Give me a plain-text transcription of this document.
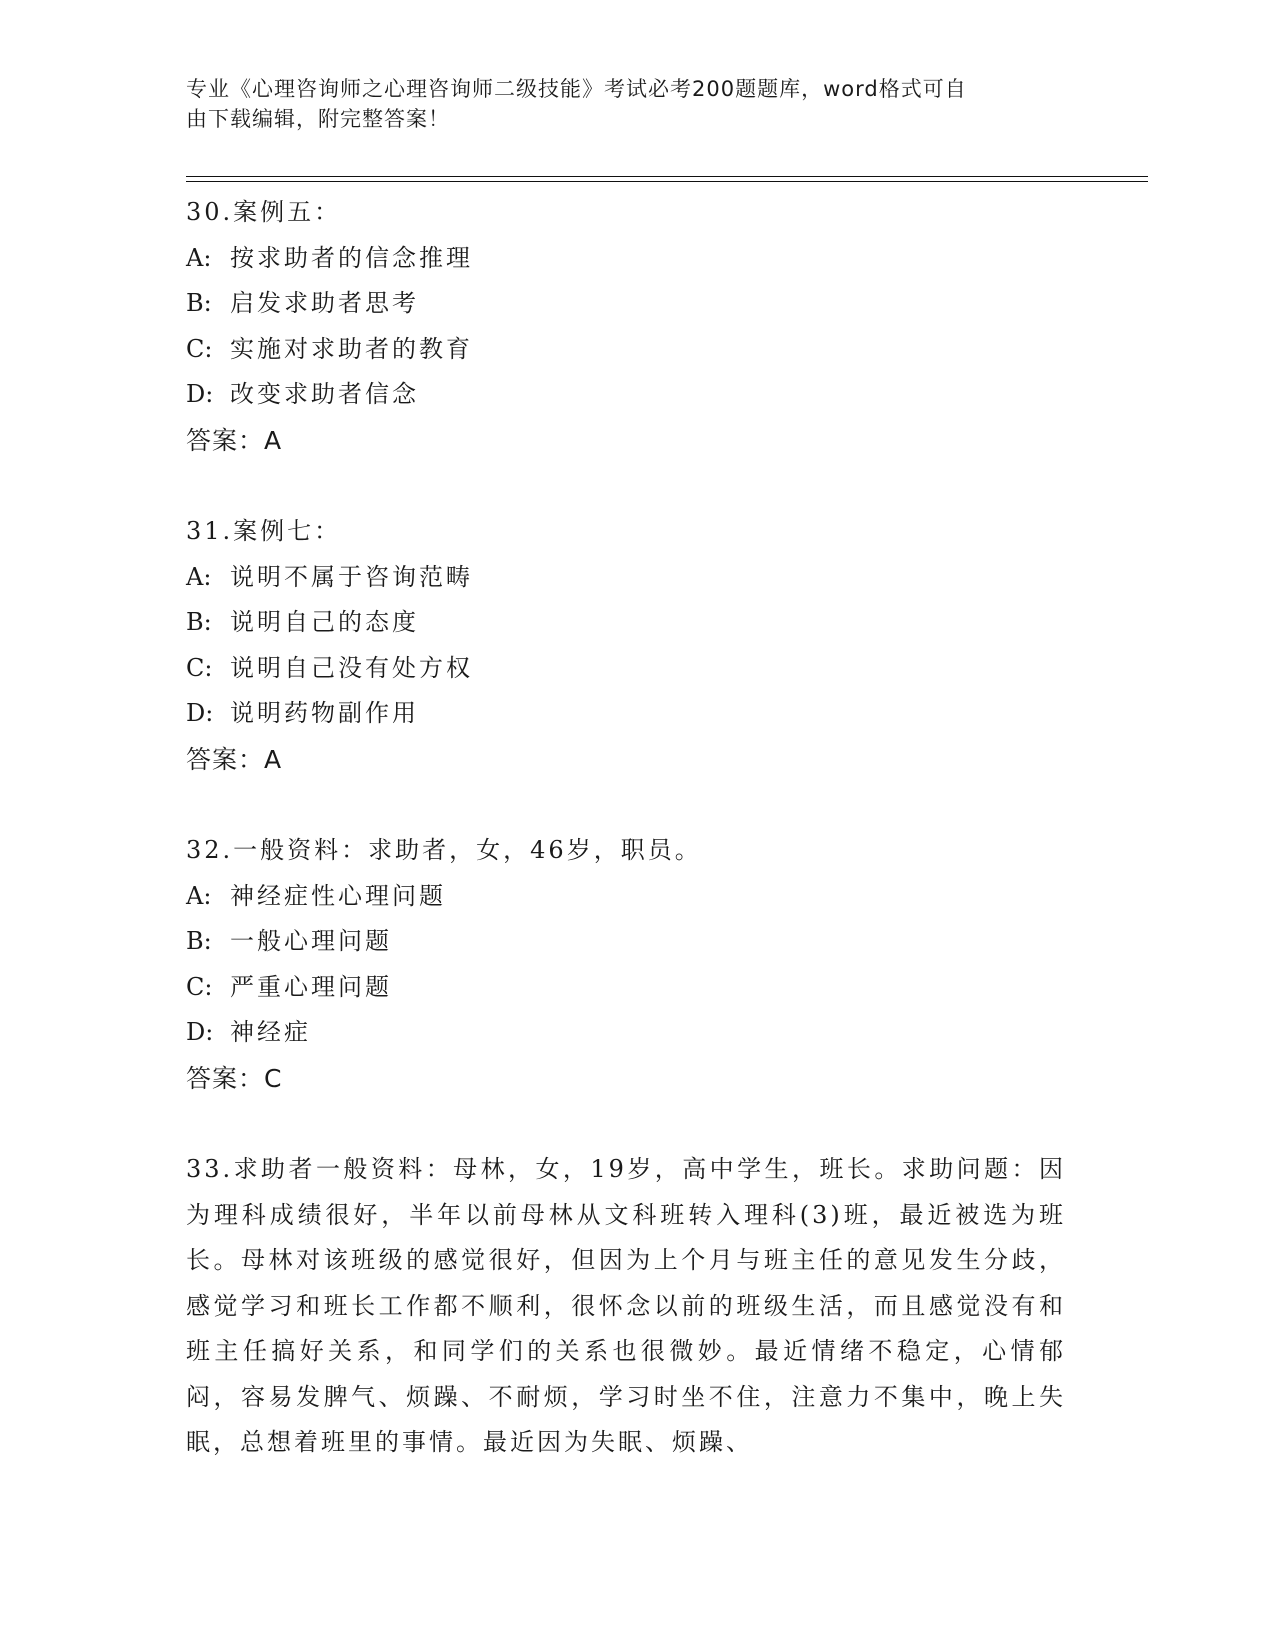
专业《心理咨询师之心理咨询师二级技能》考试必考200题题库，word格式可自
由下载编辑，附完整答案！
30.案例五：
A: 按求助者的信念推理
B: 启发求助者思考
C: 实施对求助者的教育
D: 改变求助者信念
答案：A
31.案例七：
A: 说明不属于咨询范畴
B: 说明自己的态度
C: 说明自己没有处方权
D: 说明药物副作用
答案：A
32.一般资料：求助者，女，46岁，职员。
A: 神经症性心理问题
B: 一般心理问题
C: 严重心理问题
D: 神经症
答案：C
33.求助者一般资料：母林，女，19岁，高中学生，班长。求助问题：因为理科成绩很好，半年以前母林从文科班转入理科(3)班，最近被选为班长。母林对该班级的感觉很好，但因为上个月与班主任的意见发生分歧，感觉学习和班长工作都不顺利，很怀念以前的班级生活，而且感觉没有和班主任搞好关系，和同学们的关系也很微妙。最近情绪不稳定，心情郁闷，容易发脾气、烦躁、不耐烦，学习时坐不住，注意力不集中，晚上失眠，总想着班里的事情。最近因为失眠、烦躁、
